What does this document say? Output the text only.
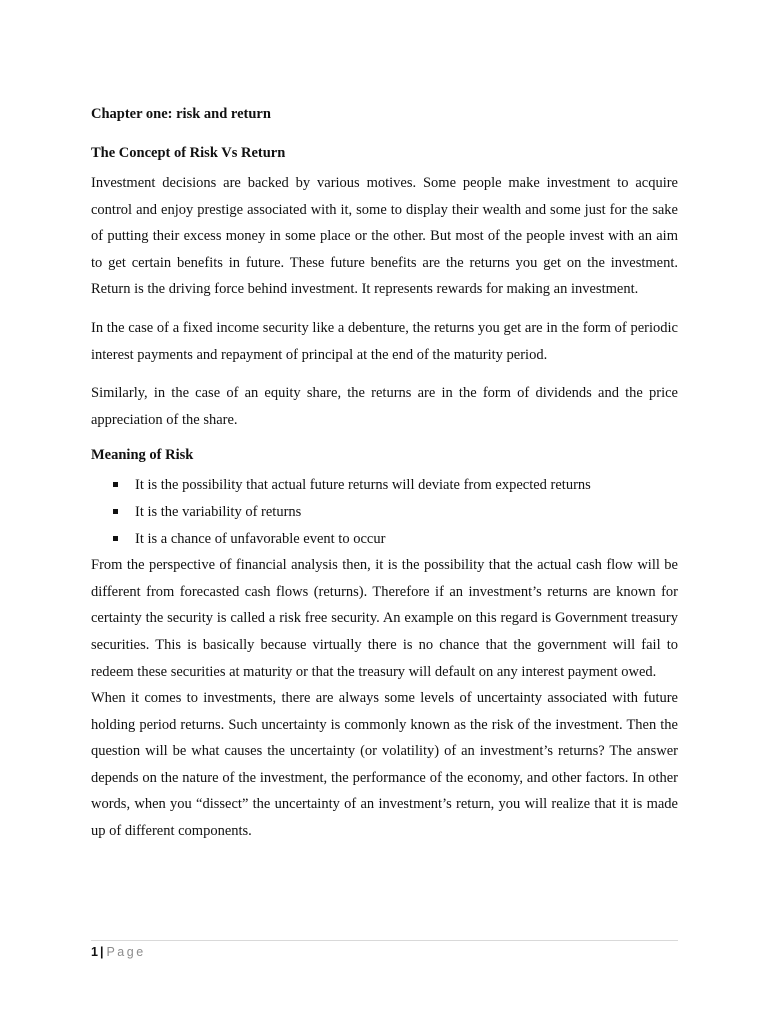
Chapter one: risk and return
The Concept of Risk Vs Return

Investment decisions are backed by various motives. Some people make investment to acquire control and enjoy prestige associated with it, some to display their wealth and some just for the sake of putting their excess money in some place or the other. But most of the people invest with an aim to get certain benefits in future. These future benefits are the returns you get on the investment. Return is the driving force behind investment. It represents rewards for making an investment.

In the case of a fixed income security like a debenture, the returns you get are in the form of periodic interest payments and repayment of principal at the end of the maturity period.

Similarly, in the case of an equity share, the returns are in the form of dividends and the price appreciation of the share.

Meaning of Risk
It is the possibility that actual future returns will deviate from expected returns
It is the variability of returns
It is a chance of unfavorable event to occur

From the perspective of financial analysis then, it is the possibility that the actual cash flow will be different from forecasted cash flows (returns). Therefore if an investment’s returns are known for certainty the security is called a risk free security. An example on this regard is Government treasury securities. This is basically because virtually there is no chance that the government will fail to redeem these securities at maturity or that the treasury will default on any interest payment owed.

When it comes to investments, there are always some levels of uncertainty associated with future holding period returns. Such uncertainty is commonly known as the risk of the investment. Then the question will be what causes the uncertainty (or volatility) of an investment’s returns? The answer depends on the nature of the investment, the performance of the economy, and other factors. In other words, when you “dissect” the uncertainty of an investment’s return, you will realize that it is made up of different components.

1 | Page
